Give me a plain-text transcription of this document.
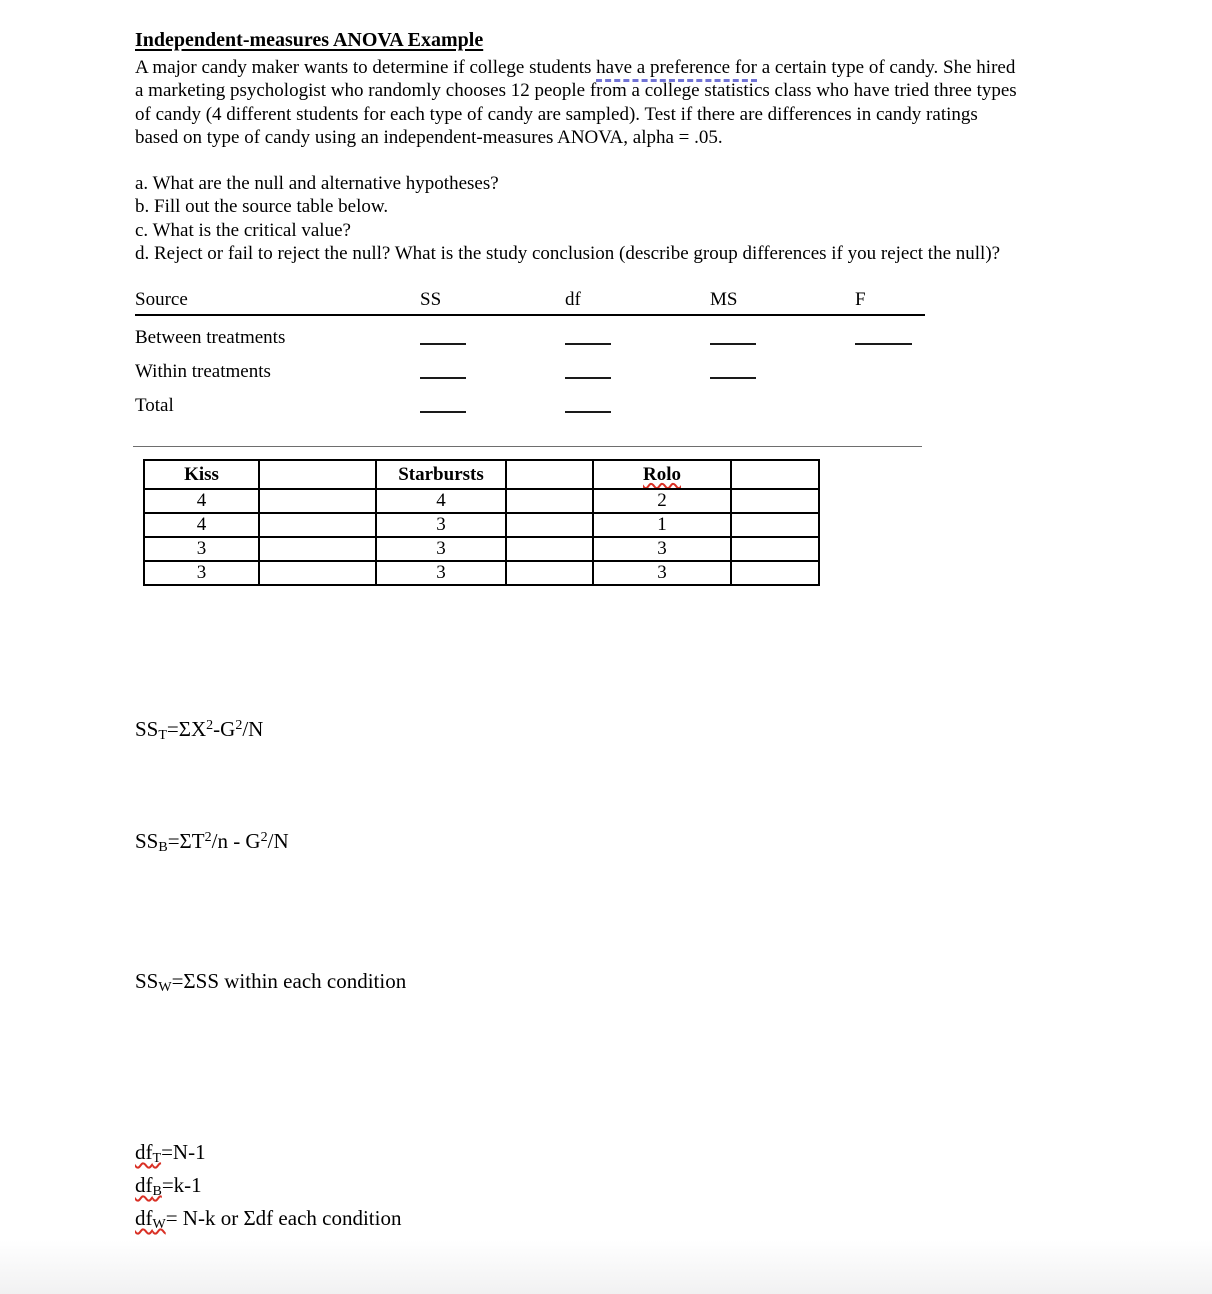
Independent-measures ANOVA Example
A major candy maker wants to determine if college students have a preference for a certain type of candy. She hired
a marketing psychologist who randomly chooses 12 people from a college statistics class who have tried three types
of candy (4 different students for each type of candy are sampled). Test if there are differences in candy ratings
based on type of candy using an independent-measures ANOVA, alpha = .05.
a. What are the null and alternative hypotheses?
b. Fill out the source table below.
c. What is the critical value?
d. Reject or fail to reject the null? What is the study conclusion (describe group differences if you reject the null)?
Source	SS	df	MS	F
Between treatments
Within treatments
Total
Kiss		Starbursts		Rolo	
4		4		2	
4		3		1	
3		3		3	
3		3		3	
$SST=\Sigma X^2-G^2/N$
$SSB=\Sigma T^2/n - G^2/N$
SSW=ΣSS within each condition
dfT=N-1
dfB=k-1
dfW= N-k or Σdf each condition
